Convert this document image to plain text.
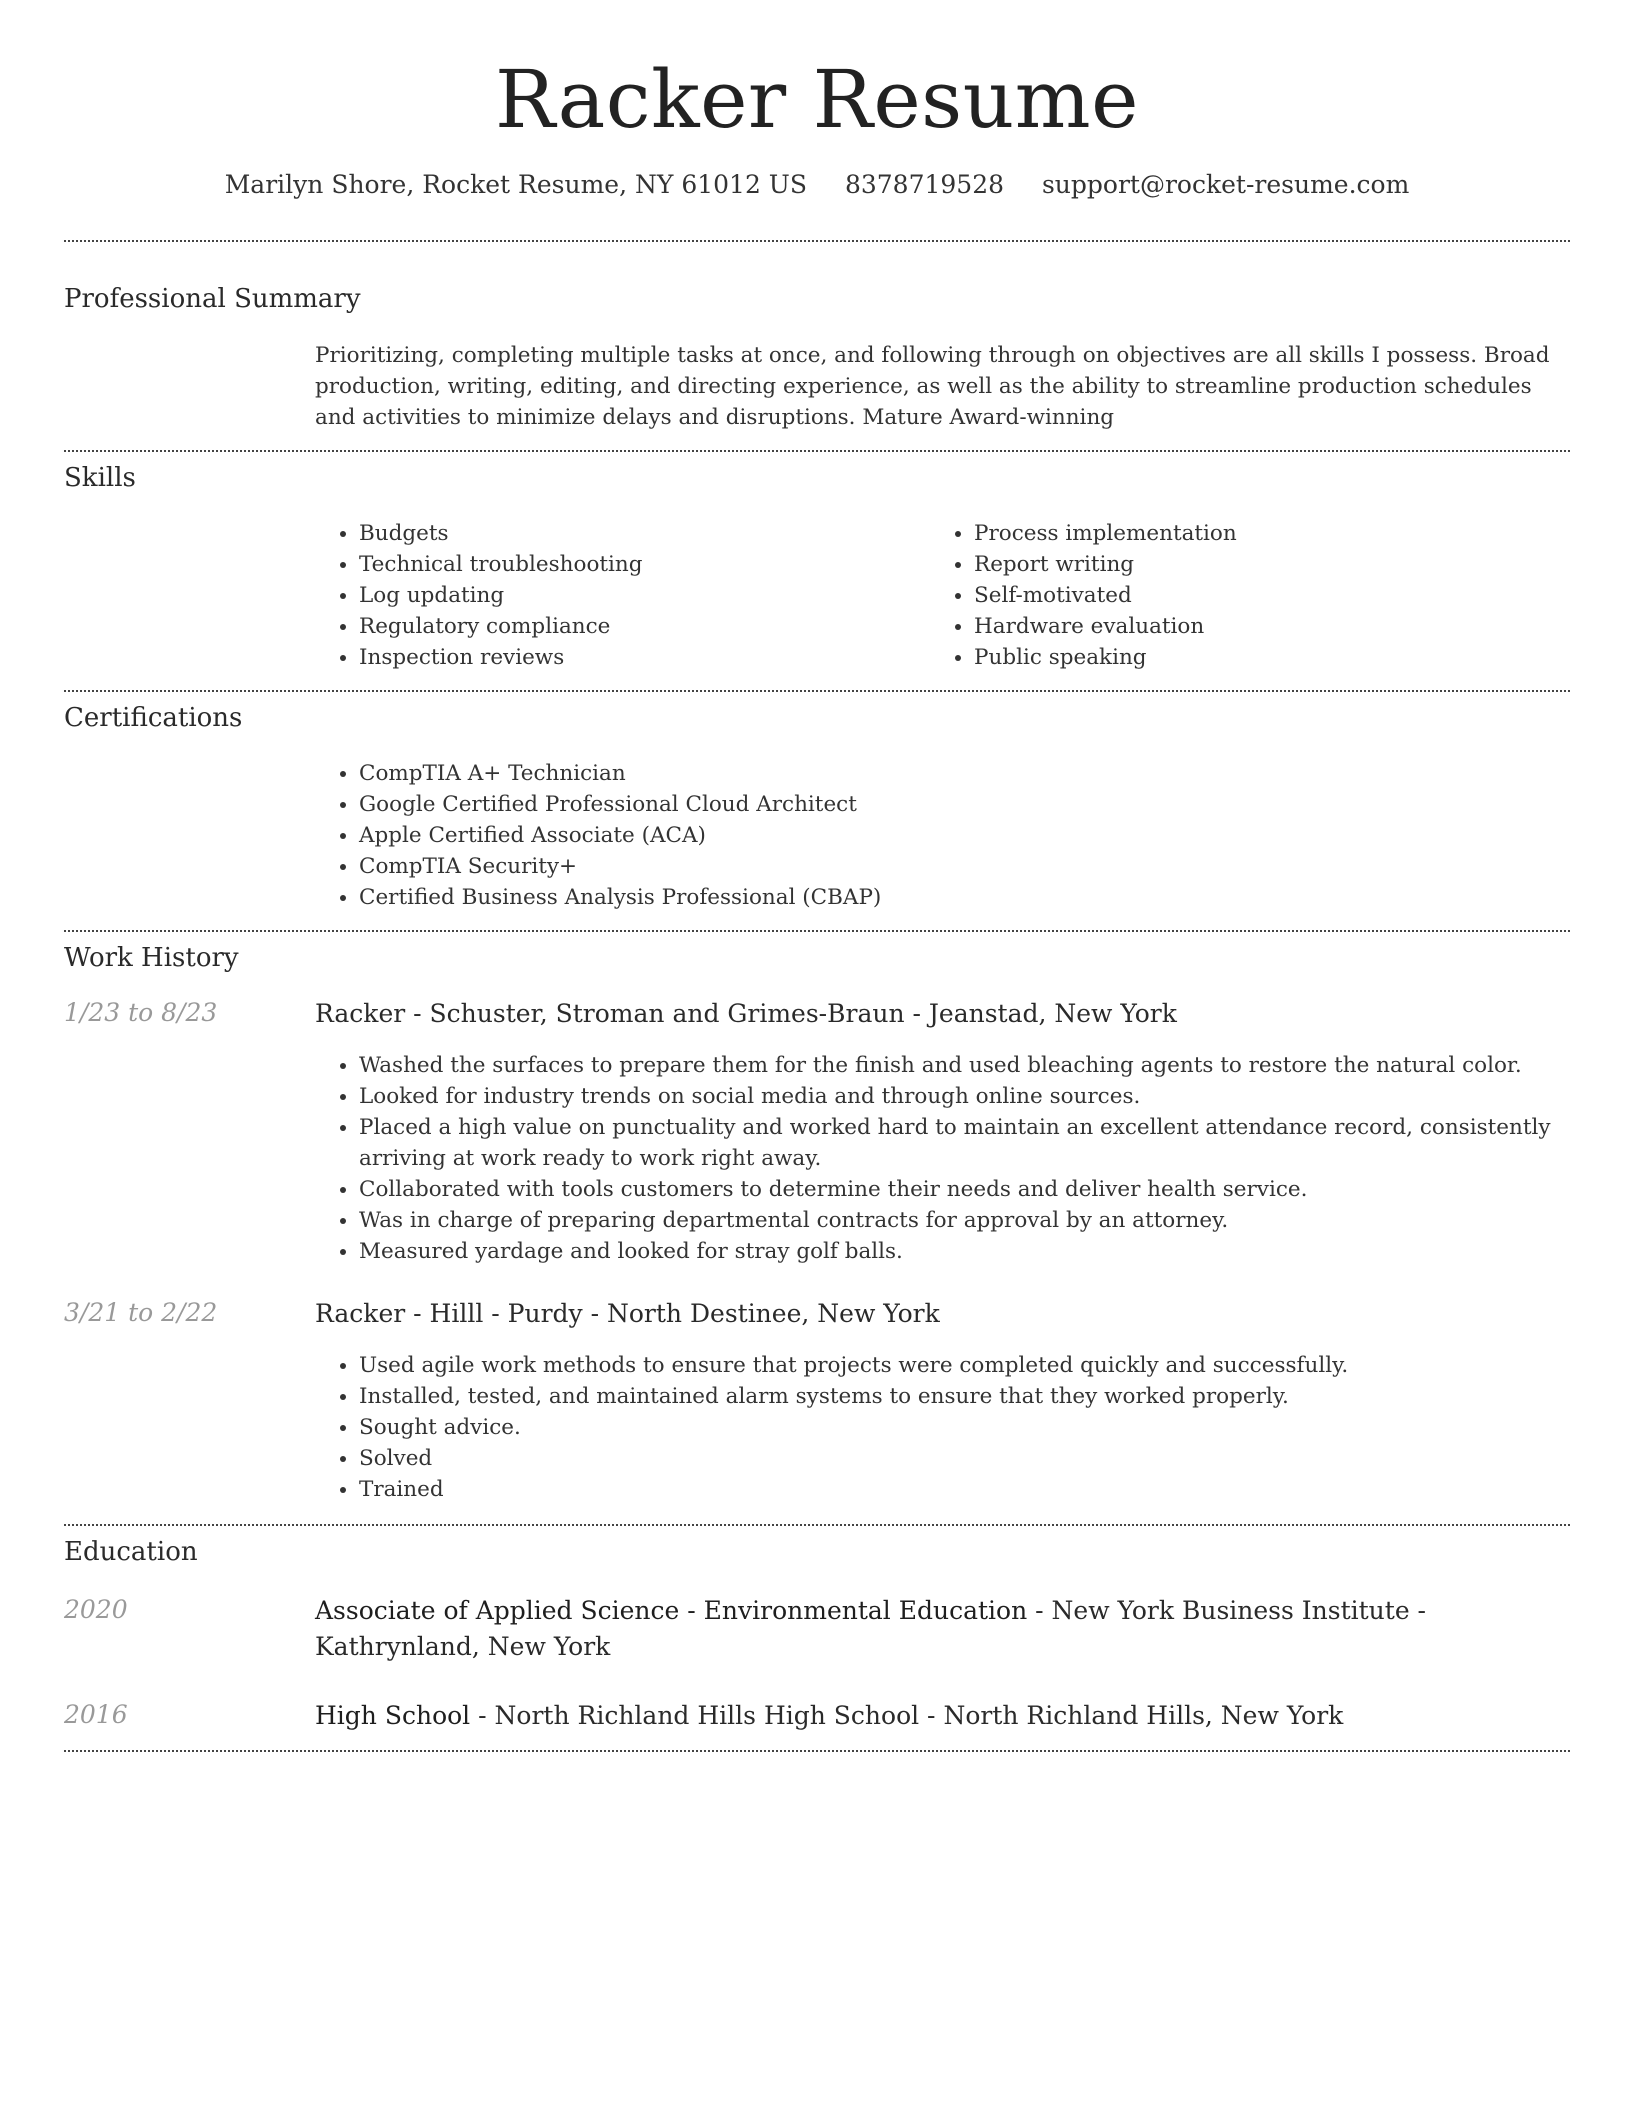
Racker Resume
Marilyn Shore, Rocket Resume, NY 61012 US 8378719528 support@rocket-resume.com
Professional Summary

Prioritizing, completing multiple tasks at once, and following through on objectives are all skills I possess. Broad production, writing, editing, and directing experience, as well as the ability to streamline production schedules and activities to minimize delays and disruptions. Mature Award-winning

Skills
• Budgets
• Technical troubleshooting
• Log updating
• Regulatory compliance
• Inspection reviews
• Process implementation
• Report writing
• Self-motivated
• Hardware evaluation
• Public speaking
Certifications
• CompTIA A+ Technician
• Google Certified Professional Cloud Architect
• Apple Certified Associate (ACA)
• CompTIA Security+
• Certified Business Analysis Professional (CBAP)
Work History
1/23 to 8/23	Racker - Schuster, Stroman and Grimes-Braun - Jeanstad, New York
• Washed the surfaces to prepare them for the finish and used bleaching agents to restore the natural color.
• Looked for industry trends on social media and through online sources.
• Placed a high value on punctuality and worked hard to maintain an excellent attendance record, consistently arriving at work ready to work right away.
• Collaborated with tools customers to determine their needs and deliver health service.
• Was in charge of preparing departmental contracts for approval by an attorney.
• Measured yardage and looked for stray golf balls.
3/21 to 2/22	Racker - Hilll - Purdy - North Destinee, New York
• Used agile work methods to ensure that projects were completed quickly and successfully.
• Installed, tested, and maintained alarm systems to ensure that they worked properly.
• Sought advice.
• Solved
• Trained
Education
2020	Associate of Applied Science - Environmental Education - New York Business Institute - Kathrynland, New York
2016	High School - North Richland Hills High School - North Richland Hills, New York
